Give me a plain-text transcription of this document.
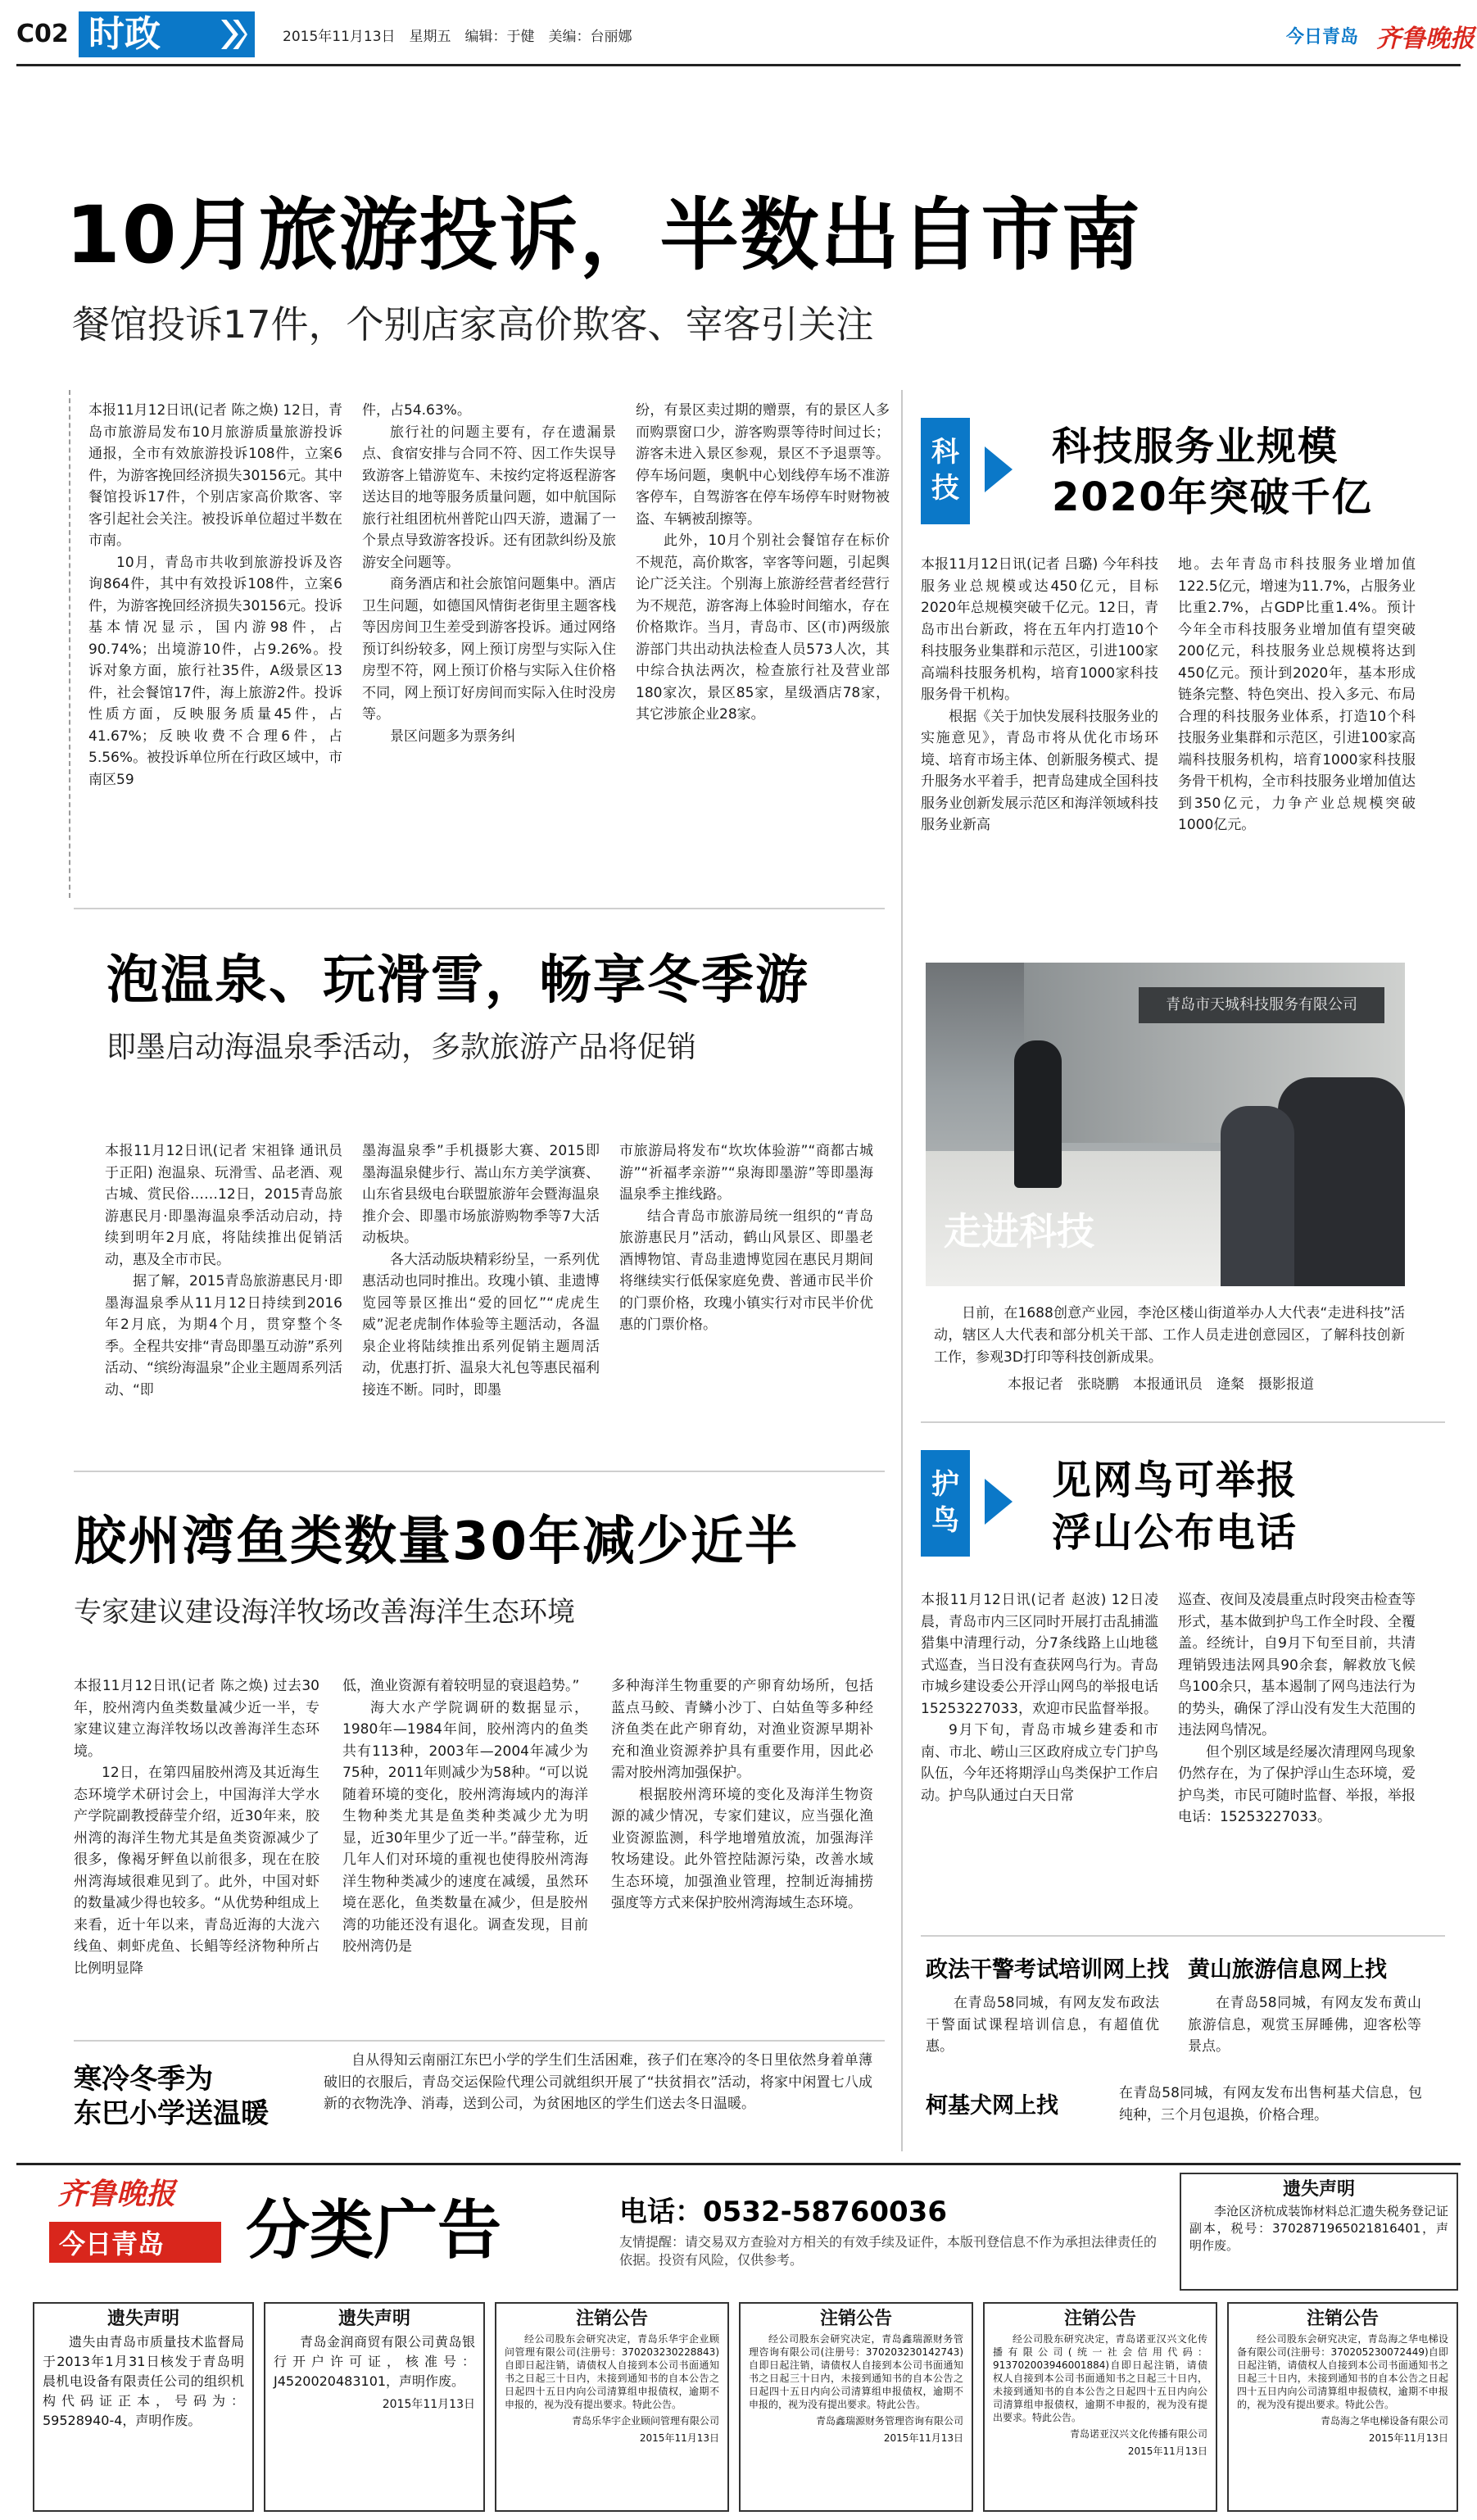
C02 时政	2015年11月13日　星期五　编辑：于健　美编：台丽娜	今日青岛 齐鲁晚报
10月旅游投诉，半数出自市南
餐馆投诉17件，个别店家高价欺客、宰客引关注

本报11月12日讯(记者 陈之焕) 12日，青岛市旅游局发布10月旅游质量旅游投诉通报，全市有效旅游投诉108件，立案6件，为游客挽回经济损失30156元。其中餐馆投诉17件，个别店家高价欺客、宰客引起社会关注。被投诉单位超过半数在市南。

10月，青岛市共收到旅游投诉及咨询864件，其中有效投诉108件，立案6件，为游客挽回经济损失30156元。投诉基本情况显示，国内游98件，占90.74%；出境游10件，占9.26%。投诉对象方面，旅行社35件，A级景区13件，社会餐馆17件，海上旅游2件。投诉性质方面，反映服务质量45件，占41.67%；反映收费不合理6件，占5.56%。被投诉单位所在行政区域中，市南区59

件，占54.63%。

旅行社的问题主要有，存在遗漏景点、食宿安排与合同不符、因工作失误导致游客上错游览车、未按约定将返程游客送达目的地等服务质量问题，如中航国际旅行社组团杭州普陀山四天游，遗漏了一个景点导致游客投诉。还有团款纠纷及旅游安全问题等。

商务酒店和社会旅馆问题集中。酒店卫生问题，如德国风情街老街里主题客栈等因房间卫生差受到游客投诉。通过网络预订纠纷较多，网上预订房型与实际入住房型不符，网上预订价格与实际入住价格不同，网上预订好房间而实际入住时没房等。

景区问题多为票务纠

纷，有景区卖过期的赠票，有的景区人多而购票窗口少，游客购票等待时间过长；游客未进入景区参观，景区不予退票等。停车场问题，奥帆中心划线停车场不准游客停车，自驾游客在停车场停车时财物被盗、车辆被刮擦等。

此外，10月个别社会餐馆存在标价不规范，高价欺客，宰客等问题，引起舆论广泛关注。个别海上旅游经营者经营行为不规范，游客海上体验时间缩水，存在价格欺诈。当月，青岛市、区(市)两级旅游部门共出动执法检查人员573人次，其中综合执法两次，检查旅行社及营业部180家次，景区85家，星级酒店78家，其它涉旅企业28家。

科技
科技服务业规模
2020年突破千亿

本报11月12日讯(记者 吕璐) 今年科技服务业总规模或达450亿元，目标2020年总规模突破千亿元。12日，青岛市出台新政，将在五年内打造10个科技服务业集群和示范区，引进100家高端科技服务机构，培育1000家科技服务骨干机构。

根据《关于加快发展科技服务业的实施意见》，青岛市将从优化市场环境、培育市场主体、创新服务模式、提升服务水平着手，把青岛建成全国科技服务业创新发展示范区和海洋领域科技服务业新高

地。去年青岛市科技服务业增加值122.5亿元，增速为11.7%，占服务业比重2.7%，占GDP比重1.4%。预计今年全市科技服务业增加值有望突破200亿元，科技服务业总规模将达到450亿元。预计到2020年，基本形成链条完整、特色突出、投入多元、布局合理的科技服务业体系，打造10个科技服务业集群和示范区，引进100家高端科技服务机构，培育1000家科技服务骨干机构，全市科技服务业增加值达到350亿元，力争产业总规模突破1000亿元。

青岛市天城科技服务有限公司
走进科技
日前，在1688创意产业园，李沧区楼山街道举办人大代表“走进科技”活动，辖区人大代表和部分机关干部、工作人员走进创意园区，了解科技创新工作，参观3D打印等科技创新成果。
本报记者　张晓鹏　本报通讯员　逄粲　摄影报道
泡温泉、玩滑雪，畅享冬季游
即墨启动海温泉季活动，多款旅游产品将促销

本报11月12日讯(记者 宋祖锋 通讯员 于正阳) 泡温泉、玩滑雪、品老酒、观古城、赏民俗……12日，2015青岛旅游惠民月·即墨海温泉季活动启动，持续到明年2月底，将陆续推出促销活动，惠及全市市民。

据了解，2015青岛旅游惠民月·即墨海温泉季从11月12日持续到2016年2月底，为期4个月，贯穿整个冬季。全程共安排“青岛即墨互动游”系列活动、“缤纷海温泉”企业主题周系列活动、“即

墨海温泉季”手机摄影大赛、2015即墨海温泉健步行、嵩山东方美学演赛、山东省县级电台联盟旅游年会暨海温泉推介会、即墨市场旅游购物季等7大活动板块。

各大活动版块精彩纷呈，一系列优惠活动也同时推出。玫瑰小镇、韭遗博览园等景区推出“爱的回忆”“虎虎生威”泥老虎制作体验等主题活动，各温泉企业将陆续推出系列促销主题周活动，优惠打折、温泉大礼包等惠民福利接连不断。同时，即墨

市旅游局将发布“坎坎体验游”“商都古城游”“祈福孝亲游”“泉海即墨游”等即墨海温泉季主推线路。

结合青岛市旅游局统一组织的“青岛旅游惠民月”活动，鹤山风景区、即墨老酒博物馆、青岛韭遗博览园在惠民月期间将继续实行低保家庭免费、普通市民半价的门票价格，玫瑰小镇实行对市民半价优惠的门票价格。

护鸟
见网鸟可举报
浮山公布电话

本报11月12日讯(记者 赵波) 12日凌晨，青岛市内三区同时开展打击乱捕滥猎集中清理行动，分7条线路上山地毯式巡查，当日没有查获网鸟行为。青岛市城乡建设委公开浮山网鸟的举报电话15253227033，欢迎市民监督举报。

9月下旬，青岛市城乡建委和市南、市北、崂山三区政府成立专门护鸟队伍，今年还将期浮山鸟类保护工作启动。护鸟队通过白天日常

巡查、夜间及凌晨重点时段突击检查等形式，基本做到护鸟工作全时段、全覆盖。经统计，自9月下旬至目前，共清理销毁违法网具90余套，解救放飞候鸟100余只，基本遏制了网鸟违法行为的势头，确保了浮山没有发生大范围的违法网鸟情况。

但个别区域是经屡次清理网鸟现象仍然存在，为了保护浮山生态环境，爱护鸟类，市民可随时监督、举报，举报电话：15253227033。

胶州湾鱼类数量30年减少近半
专家建议建设海洋牧场改善海洋生态环境

本报11月12日讯(记者 陈之焕) 过去30年，胶州湾内鱼类数量减少近一半，专家建议建立海洋牧场以改善海洋生态环境。

12日，在第四届胶州湾及其近海生态环境学术研讨会上，中国海洋大学水产学院副教授薛莹介绍，近30年来，胶州湾的海洋生物尤其是鱼类资源减少了很多，像褐牙鲆鱼以前很多，现在在胶州湾海域很难见到了。此外，中国对虾的数量减少得也较多。“从优势种组成上来看，近十年以来，青岛近海的大泷六线鱼、刺虾虎鱼、长鲳等经济物种所占比例明显降

低，渔业资源有着较明显的衰退趋势。”

海大水产学院调研的数据显示，1980年—1984年间，胶州湾内的鱼类共有113种，2003年—2004年减少为75种，2011年则减少为58种。“可以说随着环境的变化，胶州湾海域内的海洋生物种类尤其是鱼类种类减少尤为明显，近30年里少了近一半。”薛莹称，近几年人们对环境的重视也使得胶州湾海洋生物种类减少的速度在减缓，虽然环境在恶化，鱼类数量在减少，但是胶州湾的功能还没有退化。调查发现，目前胶州湾仍是

多种海洋生物重要的产卵育幼场所，包括蓝点马鲛、青鳞小沙丁、白姑鱼等多种经济鱼类在此产卵育幼，对渔业资源早期补充和渔业资源养护具有重要作用，因此必需对胶州湾加强保护。

根据胶州湾环境的变化及海洋生物资源的减少情况，专家们建议，应当强化渔业资源监测，科学地增殖放流，加强海洋牧场建设。此外管控陆源污染，改善水域生态环境，加强渔业管理，控制近海捕捞强度等方式来保护胶州湾海域生态环境。

寒冷冬季为
东巴小学送温暖
自从得知云南丽江东巴小学的学生们生活困难，孩子们在寒冷的冬日里依然身着单薄破旧的衣服后，青岛交运保险代理公司就组织开展了“扶贫捐衣”活动，将家中闲置七八成新的衣物洗净、消毒，送到公司，为贫困地区的学生们送去冬日温暖。
政法干警考试培训网上找
在青岛58同城，有网友发布政法干警面试课程培训信息，有超值优惠。
黄山旅游信息网上找
在青岛58同城，有网友发布黄山旅游信息，观赏玉屏睡佛，迎客松等景点。
柯基犬网上找	在青岛58同城，有网友发布出售柯基犬信息，包纯种，三个月包退换，价格合理。
齐鲁晚报
今日青岛 分类广告	电话：0532-58760036
友情提醒：请交易双方查验对方相关的有效手续及证件，本版刊登信息不作为承担法律责任的依据。投资有风险，仅供参考。
遗失声明
李沧区济杭成装饰材料总汇遗失税务登记证副本，税号：370287196502181640​1，声明作废。
遗失声明
遗失由青岛市质量技术监督局于2013年1月31日核发于青岛明晨机电设备有限责任公司的组织机构代码证正本，号码为：59528940-4，声明作废。
遗失声明
青岛金润商贸有限公司黄岛银行开户许可证，核准号：J452002048​3101，声明作废。
2015年11月13日
注销公告
经公司股东会研究决定，青岛乐华宇企业顾问管理有限公司(注册号：370203230228843)自即日起注销，请债权人自接到本公司书面通知书之日起三十日内，未接到通知书的自本公告之日起四十五日内向公司清算组申报债权，逾期不申报的，视为没有提出要求。特此公告。
青岛乐华宇企业顾问管理有限公司
2015年11月13日
注销公告
经公司股东会研究决定，青岛鑫瑞源财务管理咨询有限公司(注册号：370203230142743)自即日起注销，请债权人自接到本公司书面通知书之日起三十日内，未接到通知书的自本公告之日起四十五日内向公司清算组申报债权，逾期不申报的，视为没有提出要求。特此公告。
青岛鑫瑞源财务管理咨询有限公司
2015年11月13日
注销公告
经公司股东研究决定，青岛诺亚汉兴文化传播有限公司(统一社会信用代码：913702003946001884)自即日起注销，请债权人自接到本公司书面通知书之日起三十日内，未接到通知书的自本公告之日起四十五日内向公司清算组申报债权，逾期不申报的，视为没有提出要求。特此公告。
青岛诺亚汉兴文化传播有限公司
2015年11月13日
注销公告
经公司股东会研究决定，青岛海之华电梯设备有限公司(注册号：370205230072449)自即日起注销，请债权人自接到本公司书面通知书之日起三十日内，未接到通知书的自本公告之日起四十五日内向公司清算组申报债权，逾期不申报的，视为没有提出要求。特此公告。
青岛海之华电梯设备有限公司
2015年11月13日
